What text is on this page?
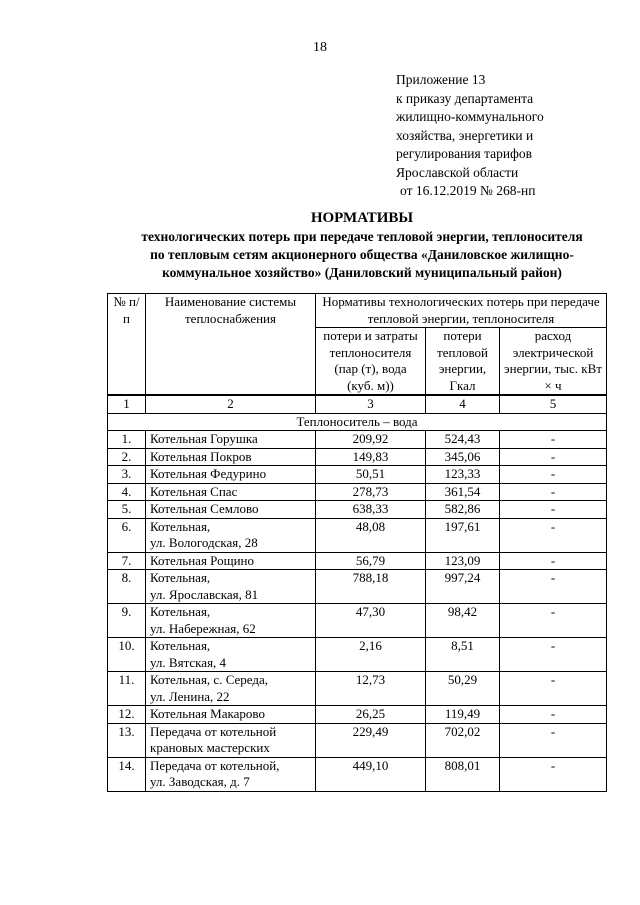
18
Приложение 13
к приказу департамента
жилищно-коммунального
хозяйства, энергетики и
регулирования тарифов
Ярославской области
от 16.12.2019 № 268-нп
НОРМАТИВЫ
технологических потерь при передаче тепловой энергии, теплоносителя
по тепловым сетям акционерного общества «Даниловское жилищно-
коммунальное хозяйство» (Даниловский муниципальный район)
№ п/п	Наименование системы теплоснабжения	Нормативы технологических потерь при передаче тепловой энергии, теплоносителя		
		потери и затраты теплоносителя (пар (т), вода (куб. м))	потери тепловой энергии, Гкал	расход электрической энергии, тыс. кВт × ч
1	2	3	4	5
Теплоноситель – вода				
1.	Котельная Горушка	209,92	524,43	-
2.	Котельная Покров	149,83	345,06	-
3.	Котельная Федурино	50,51	123,33	-
4.	Котельная Спас	278,73	361,54	-
5.	Котельная Семлово	638,33	582,86	-
6.	Котельная,
ул. Вологодская, 28	48,08	197,61	-
7.	Котельная Рощино	56,79	123,09	-
8.	Котельная,
ул. Ярославская, 81	788,18	997,24	-
9.	Котельная,
ул. Набережная, 62	47,30	98,42	-
10.	Котельная,
ул. Вятская, 4	2,16	8,51	-
11.	Котельная, с. Середа,
ул. Ленина, 22	12,73	50,29	-
12.	Котельная Макарово	26,25	119,49	-
13.	Передача от котельной
крановых мастерских	229,49	702,02	-
14.	Передача от котельной,
ул. Заводская, д. 7	449,10	808,01	-
